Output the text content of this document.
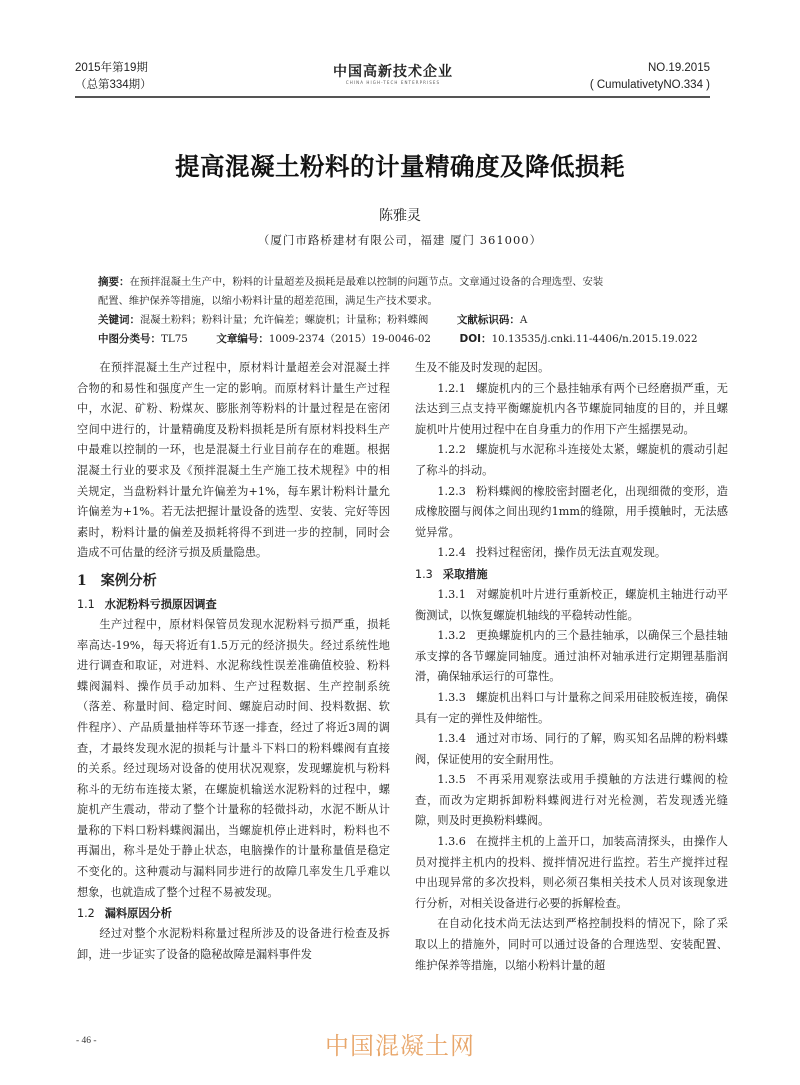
2015年第19期
（总第334期）
中国高新技术企业
CHINA HIGH-TECH ENTERPRISES
NO.19.2015
( CumulativetyNO.334 )
提高混凝土粉料的计量精确度及降低损耗
陈雅灵
（厦门市路桥建材有限公司，福建 厦门 361000）
摘要：在预拌混凝土生产中，粉料的计量超差及损耗是最难以控制的问题节点。文章通过设备的合理选型、安装
配置、维护保养等措施，以缩小粉料计量的超差范围，满足生产技术要求。
关键词：混凝土粉料；粉料计量；允许偏差；螺旋机；计量称；粉料蝶阀	文献标识码：A
中图分类号：TL75	文章编号：1009-2374（2015）19-0046-02	DOI：10.13535/j.cnki.11-4406/n.2015.19.022

在预拌混凝土生产过程中，原材料计量超差会对混凝土拌合物的和易性和强度产生一定的影响。而原材料计量生产过程中，水泥、矿粉、粉煤灰、膨胀剂等粉料的计量过程是在密闭空间中进行的，计量精确度及粉料损耗是所有原材料投料生产中最难以控制的一环，也是混凝土行业目前存在的难题。根据混凝土行业的要求及《预拌混凝土生产施工技术规程》中的相关规定，当盘粉料计量允许偏差为+1%，每车累计粉料计量允许偏差为+1%。若无法把握计量设备的选型、安装、完好等因素时，粉料计量的偏差及损耗将得不到进一步的控制，同时会造成不可估量的经济亏损及质量隐患。

1　案例分析
1.1 水泥粉料亏损原因调查

生产过程中，原材料保管员发现水泥粉料亏损严重，损耗率高达-19%，每天将近有1.5万元的经济损失。经过系统性地进行调查和取证，对进料、水泥称线性误差准确值校验、粉料蝶阀漏料、操作员手动加料、生产过程数据、生产控制系统（落差、称量时间、稳定时间、螺旋启动时间、投料数据、软件程序）、产品质量抽样等环节逐一排查，经过了将近3周的调查，才最终发现水泥的损耗与计量斗下料口的粉料蝶阀有直接的关系。经过现场对设备的使用状况观察，发现螺旋机与粉料称斗的无纺布连接太紧，在螺旋机输送水泥粉料的过程中，螺旋机产生震动，带动了整个计量称的轻微抖动，水泥不断从计量称的下料口粉料蝶阀漏出，当螺旋机停止进料时，粉料也不再漏出，称斗是处于静止状态，电脑操作的计量称量值是稳定不变化的。这种震动与漏料同步进行的故障几率发生几乎难以想象，也就造成了整个过程不易被发现。

1.2 漏料原因分析

经过对整个水泥粉料称量过程所涉及的设备进行检查及拆卸，进一步证实了设备的隐秘故障是漏料事件发

生及不能及时发现的起因。

1.2.1 螺旋机内的三个悬挂轴承有两个已经磨损严重，无法达到三点支持平衡螺旋机内各节螺旋同轴度的目的，并且螺旋机叶片使用过程中在自身重力的作用下产生摇摆晃动。

1.2.2 螺旋机与水泥称斗连接处太紧，螺旋机的震动引起了称斗的抖动。

1.2.3 粉料蝶阀的橡胶密封圈老化，出现细微的变形，造成橡胶圈与阀体之间出现约1mm的缝隙，用手摸触时，无法感觉异常。

1.2.4 投料过程密闭，操作员无法直观发现。

1.3 采取措施

1.3.1 对螺旋机叶片进行重新校正，螺旋机主轴进行动平衡测试，以恢复螺旋机轴线的平稳转动性能。

1.3.2 更换螺旋机内的三个悬挂轴承，以确保三个悬挂轴承支撑的各节螺旋同轴度。通过油杯对轴承进行定期锂基脂润滑，确保轴承运行的可靠性。

1.3.3 螺旋机出料口与计量称之间采用硅胶板连接，确保具有一定的弹性及伸缩性。

1.3.4 通过对市场、同行的了解，购买知名品牌的粉料蝶阀，保证使用的安全耐用性。

1.3.5 不再采用观察法或用手摸触的方法进行蝶阀的检查，而改为定期拆卸粉料蝶阀进行对光检测，若发现透光缝隙，则及时更换粉料蝶阀。

1.3.6 在搅拌主机的上盖开口，加装高清探头，由操作人员对搅拌主机内的投料、搅拌情况进行监控。若生产搅拌过程中出现异常的多次投料，则必须召集相关技术人员对该现象进行分析，对相关设备进行必要的拆解检查。

在自动化技术尚无法达到严格控制投料的情况下，除了采取以上的措施外，同时可以通过设备的合理选型、安装配置、维护保养等措施，以缩小粉料计量的超

- 46 -	中国混凝土网
